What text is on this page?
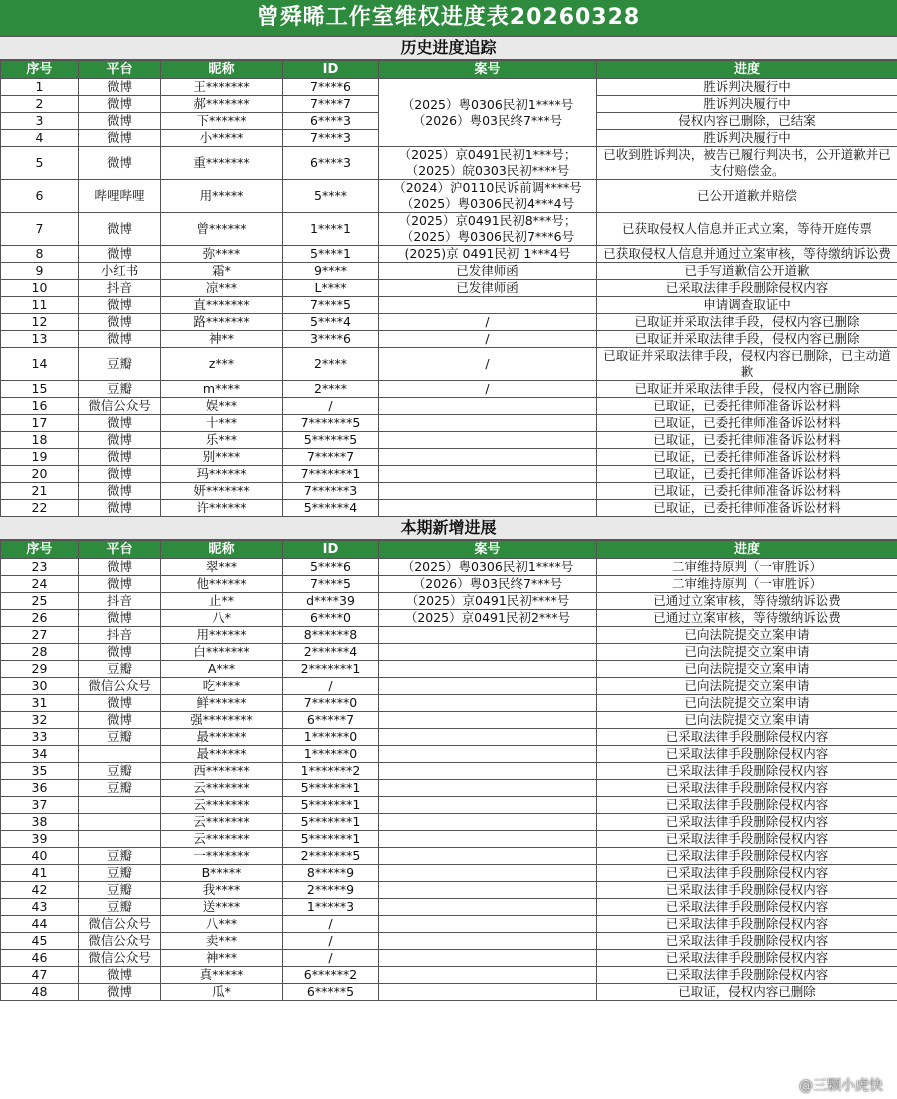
曾舜晞工作室维权进度表20260328
历史进度追踪
序号	平台	昵称	ID	案号	进度
1	微博	王*******	7****6	（2025）粤0306民初1****号
（2026）粤03民终7***号	胜诉判决履行中
2	微博	郝*******	7****7		胜诉判决履行中
3	微博	下******	6****3		侵权内容已删除，已结案
4	微博	小*****	7****3		胜诉判决履行中
5	微博	重*******	6****3	（2025）京0491民初1***号；
（2025）皖0303民初****号	已收到胜诉判决，被告已履行判决书，公开道歉并已支付赔偿金。
6	哔哩哔哩	用*****	5****	（2024）沪0110民诉前调****号
（2025）粤0306民初4***4号	已公开道歉并赔偿
7	微博	曾******	1****1	（2025）京0491民初8***号；
（2025）粤0306民初7***6号	已获取侵权人信息并正式立案，等待开庭传票
8	微博	弥****	5****1	(2025)京 0491民初 1***4号	已获取侵权人信息并通过立案审核，等待缴纳诉讼费
9	小红书	霜*	9****	已发律师函	已手写道歉信公开道歉
10	抖音	凉***	L****	已发律师函	已采取法律手段删除侵权内容
11	微博	直*******	7****5		申请调查取证中
12	微博	路*******	5****4	/	已取证并采取法律手段，侵权内容已删除
13	微博	神**	3****6	/	已取证并采取法律手段，侵权内容已删除
14	豆瓣	z***	2****	/	已取证并采取法律手段，侵权内容已删除，已主动道歉
15	豆瓣	m****	2****	/	已取证并采取法律手段，侵权内容已删除
16	微信公众号	娱***	/		已取证，已委托律师准备诉讼材料
17	微博	十***	7*******5		已取证，已委托律师准备诉讼材料
18	微博	乐***	5******5		已取证，已委托律师准备诉讼材料
19	微博	别****	7*****7		已取证，已委托律师准备诉讼材料
20	微博	玛******	7*******1		已取证，已委托律师准备诉讼材料
21	微博	妍*******	7******3		已取证，已委托律师准备诉讼材料
22	微博	许******	5******4		已取证，已委托律师准备诉讼材料
本期新增进展
序号	平台	昵称	ID	案号	进度
23	微博	翠***	5****6	（2025）粤0306民初1****号	二审维持原判（一审胜诉）
24	微博	他******	7****5	（2026）粤03民终7***号	二审维持原判（一审胜诉）
25	抖音	止**	d****39	（2025）京0491民初****号	已通过立案审核，等待缴纳诉讼费
26	微博	八*	6****0	（2025）京0491民初2***号	已通过立案审核，等待缴纳诉讼费
27	抖音	用******	8******8		已向法院提交立案申请
28	微博	白*******	2******4		已向法院提交立案申请
29	豆瓣	A***	2*******1		已向法院提交立案申请
30	微信公众号	吃****	/		已向法院提交立案申请
31	微博	鲜******	7******0		已向法院提交立案申请
32	微博	强********	6*****7		已向法院提交立案申请
33	豆瓣	最******	1******0		已采取法律手段删除侵权内容
34		最******	1******0		已采取法律手段删除侵权内容
35	豆瓣	西*******	1*******2		已采取法律手段删除侵权内容
36	豆瓣	云*******	5*******1		已采取法律手段删除侵权内容
37		云*******	5*******1		已采取法律手段删除侵权内容
38		云*******	5*******1		已采取法律手段删除侵权内容
39		云*******	5*******1		已采取法律手段删除侵权内容
40	豆瓣	一*******	2*******5		已采取法律手段删除侵权内容
41	豆瓣	B*****	8*****9		已采取法律手段删除侵权内容
42	豆瓣	我****	2*****9		已采取法律手段删除侵权内容
43	豆瓣	送****	1*****3		已采取法律手段删除侵权内容
44	微信公众号	八***	/		已采取法律手段删除侵权内容
45	微信公众号	卖***	/		已采取法律手段删除侵权内容
46	微信公众号	神***	/		已采取法律手段删除侵权内容
47	微博	真*****	6******2		已采取法律手段删除侵权内容
48	微博	瓜*	6*****5		已取证，侵权内容已删除
@三颗小虎快
